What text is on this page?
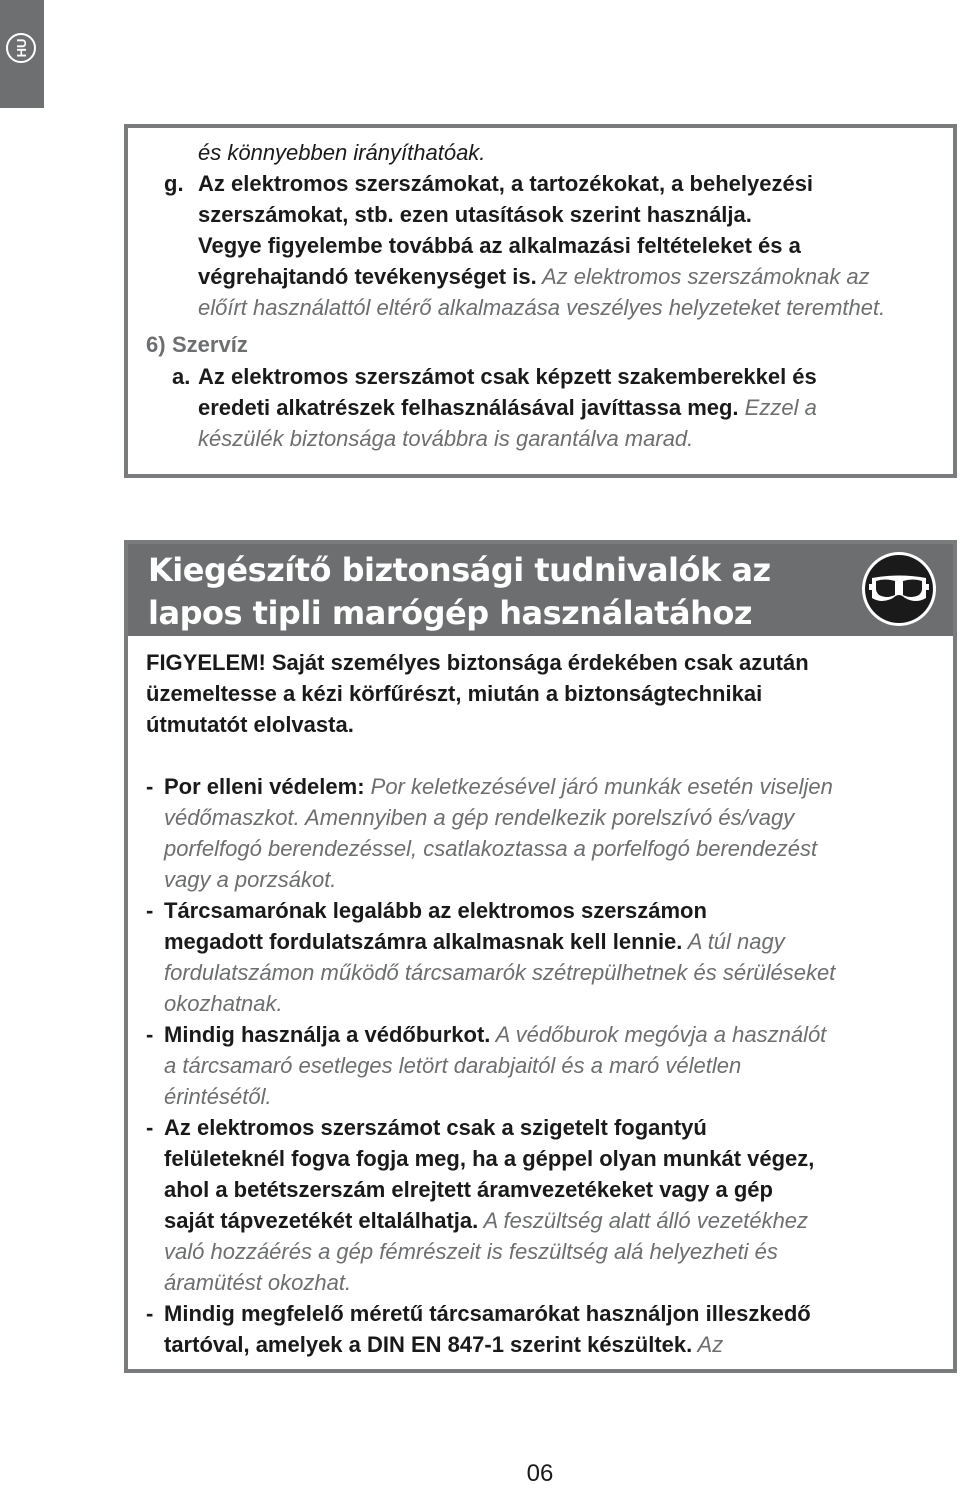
HU
és könnyebben irányíthatóak.
g. Az elektromos szerszámokat, a tartozékokat, a behelyezési
szerszámokat, stb. ezen utasítások szerint használja.
Vegye figyelembe továbbá az alkalmazási feltételeket és a
végrehajtandó tevékenységet is. Az elektromos szerszámoknak az
előírt használattól eltérő alkalmazása veszélyes helyzeteket teremthet.
6) Szervíz
a. Az elektromos szerszámot csak képzett szakemberekkel és
eredeti alkatrészek felhasználásával javíttassa meg. Ezzel a
készülék biztonsága továbbra is garantálva marad.
Kiegészítő biztonsági tudnivalók az
lapos tipli marógép használatához
FIGYELEM! Saját személyes biztonsága érdekében csak azután
üzemeltesse a kézi körfűrészt, miután a biztonságtechnikai
útmutatót elolvasta.
- Por elleni védelem: Por keletkezésével járó munkák esetén viseljen
védőmaszkot. Amennyiben a gép rendelkezik porelszívó és/vagy
porfelfogó berendezéssel, csatlakoztassa a porfelfogó berendezést
vagy a porzsákot.
- Tárcsamarónak legalább az elektromos szerszámon
megadott fordulatszámra alkalmasnak kell lennie. A túl nagy
fordulatszámon működő tárcsamarók szétrepülhetnek és sérüléseket
okozhatnak.
- Mindig használja a védőburkot. A védőburok megóvja a használót
a tárcsamaró esetleges letört darabjaitól és a maró véletlen
érintésétől.
- Az elektromos szerszámot csak a szigetelt fogantyú
felületeknél fogva fogja meg, ha a géppel olyan munkát végez,
ahol a betétszerszám elrejtett áramvezetékeket vagy a gép
saját tápvezetékét eltalálhatja. A feszültség alatt álló vezetékhez
való hozzáérés a gép fémrészeit is feszültség alá helyezheti és
áramütést okozhat.
- Mindig megfelelő méretű tárcsamarókat használjon illeszkedő
tartóval, amelyek a DIN EN 847-1 szerint készültek. Az
06
